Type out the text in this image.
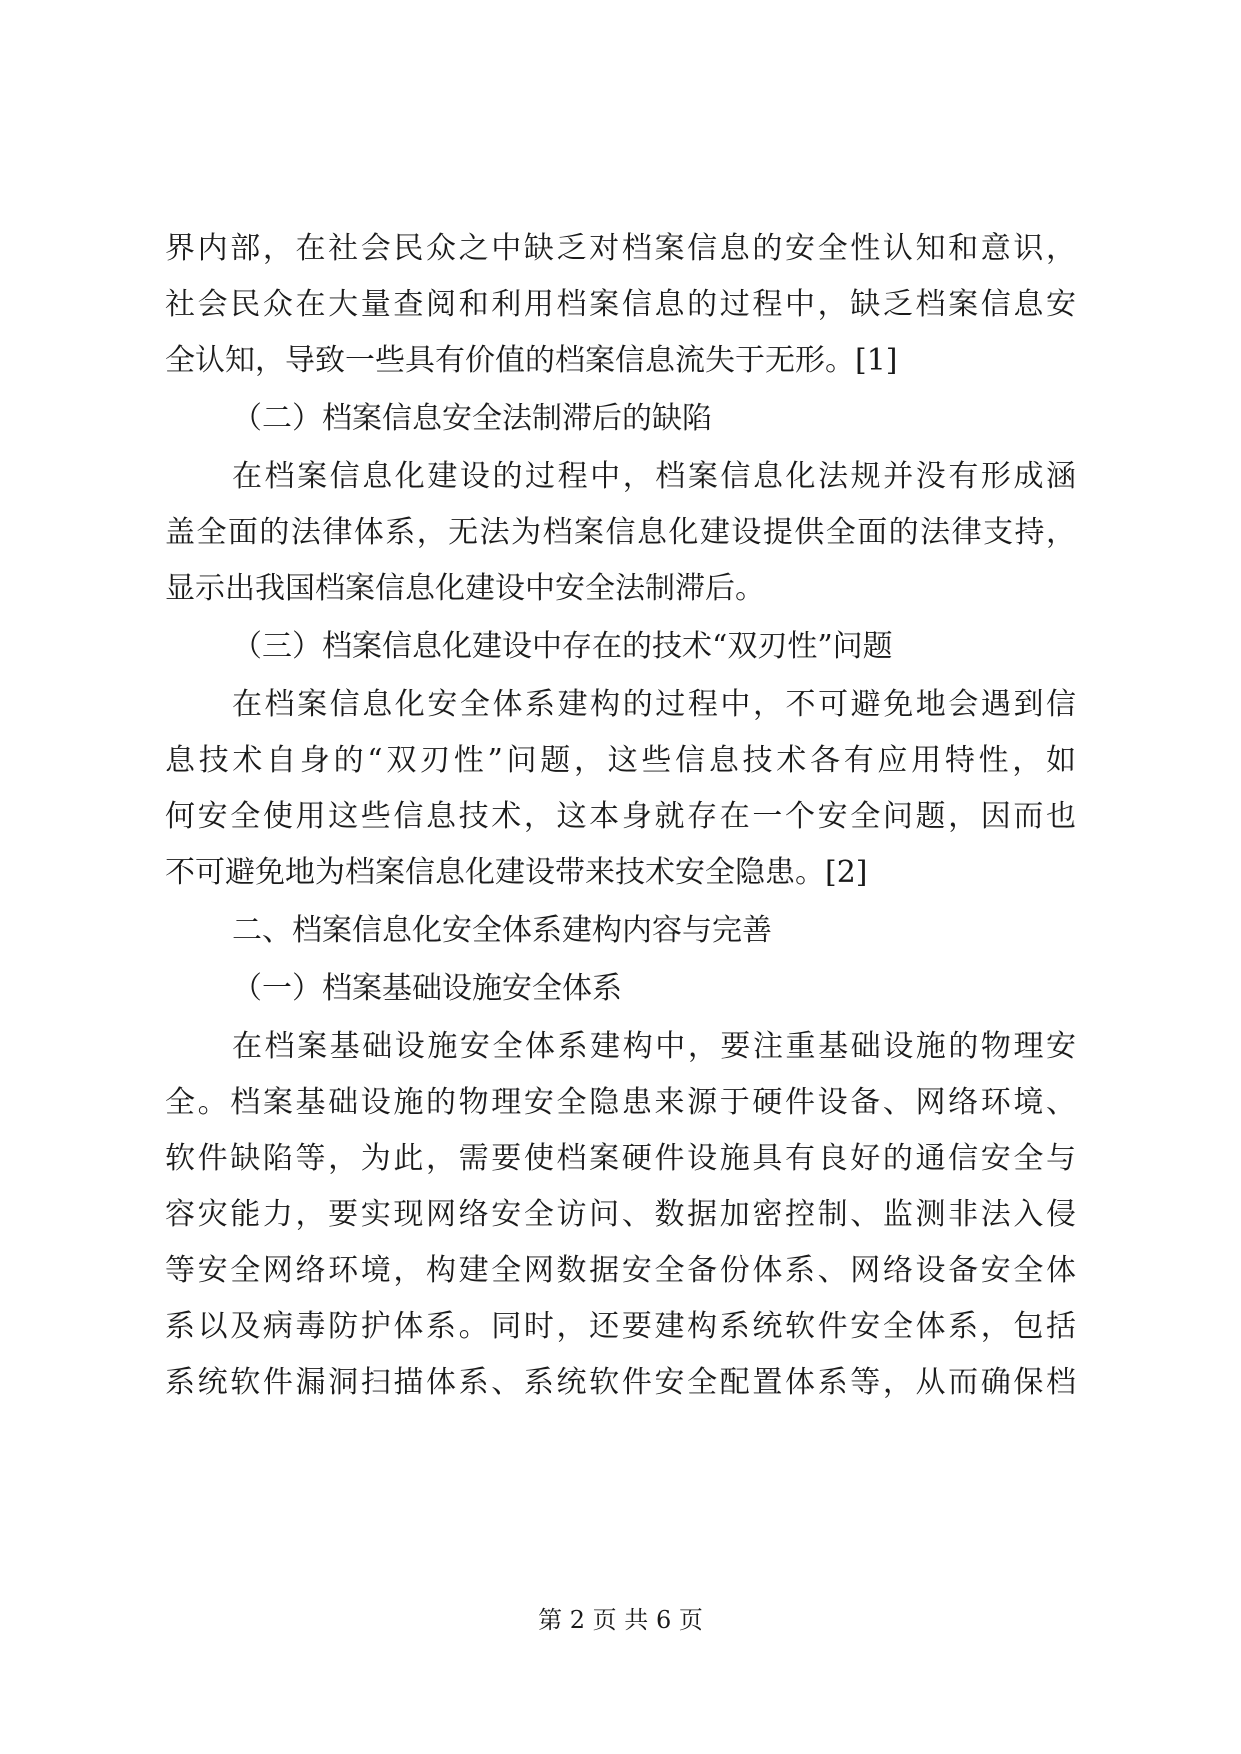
界内部，在社会民众之中缺乏对档案信息的安全性认知和意识，
社会民众在大量查阅和利用档案信息的过程中，缺乏档案信息安
全认知，导致一些具有价值的档案信息流失于无形。[1]
（二）档案信息安全法制滞后的缺陷
在档案信息化建设的过程中，档案信息化法规并没有形成涵
盖全面的法律体系，无法为档案信息化建设提供全面的法律支持，
显示出我国档案信息化建设中安全法制滞后。
（三）档案信息化建设中存在的技术“双刃性”问题
在档案信息化安全体系建构的过程中，不可避免地会遇到信
息技术自身的“双刃性”问题，这些信息技术各有应用特性，如
何安全使用这些信息技术，这本身就存在一个安全问题，因而也
不可避免地为档案信息化建设带来技术安全隐患。[2]
二、档案信息化安全体系建构内容与完善
（一）档案基础设施安全体系
在档案基础设施安全体系建构中，要注重基础设施的物理安
全。档案基础设施的物理安全隐患来源于硬件设备、网络环境、
软件缺陷等，为此，需要使档案硬件设施具有良好的通信安全与
容灾能力，要实现网络安全访问、数据加密控制、监测非法入侵
等安全网络环境，构建全网数据安全备份体系、网络设备安全体
系以及病毒防护体系。同时，还要建构系统软件安全体系，包括
系统软件漏洞扫描体系、系统软件安全配置体系等，从而确保档
第 2 页 共 6 页
